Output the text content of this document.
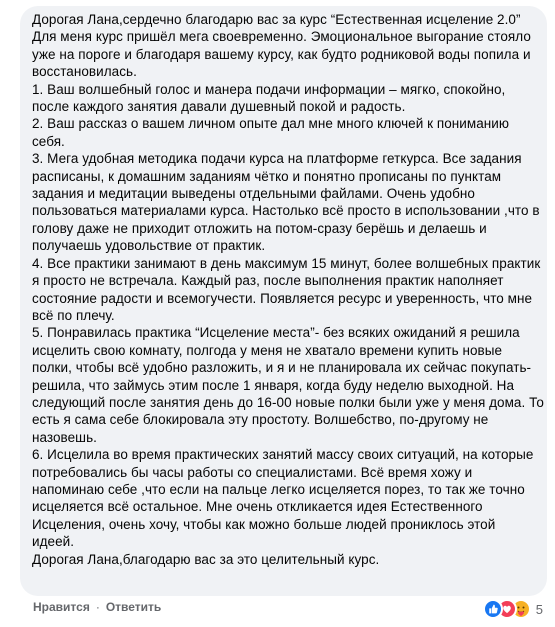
Дорогая Лана,сердечно благодарю вас за курс “Естественная исцеление 2.0”
Для меня курс пришёл мега своевременно. Эмоциональное выгорание стояло
уже на пороге и благодаря вашему курсу, как будто родниковой воды попила и
восстановилась.
1. Ваш волшебный голос и манера подачи информации – мягко, спокойно,
после каждого занятия давали душевный покой и радость.
2. Ваш рассказ о вашем личном опыте дал мне много ключей к пониманию
себя.
3. Мега удобная методика подачи курса на платформе геткурса. Все задания
расписаны, к домашним заданиям чётко и понятно прописаны по пунктам
задания и медитации выведены отдельными файлами. Очень удобно
пользоваться материалами курса. Настолько всё просто в использовании ,что в
голову даже не приходит отложить на потом-сразу берёшь и делаешь и
получаешь удовольствие от практик.
4. Все практики занимают в день максимум 15 минут, более волшебных практик
я просто не встречала. Каждый раз, после выполнения практик наполняет
состояние радости и всемогучести. Появляется ресурс и уверенность, что мне
всё по плечу.
5. Понравилась практика “Исцеление места”- без всяких ожиданий я решила
исцелить свою комнату, полгода у меня не хватало времени купить новые
полки, чтобы всё удобно разложить, и я и не планировала их сейчас покупать-
решила, что займусь этим после 1 января, когда буду неделю выходной. На
следующий после занятия день до 16-00 новые полки были уже у меня дома. То
есть я сама себе блокировала эту простоту. Волшебство, по-другому не
назовешь.
6. Исцелила во время практических занятий массу своих ситуаций, на которые
потребовались бы часы работы со специалистами. Всё время хожу и
напоминаю себе ,что если на пальце легко исцеляется порез, то так же точно
исцеляется всё остальное. Мне очень откликается идея Естественного
Исцеления, очень хочу, чтобы как можно больше людей прониклось этой
идеей.
Дорогая Лана,благодарю вас за это целительный курс.
Нравится · Ответить	5
